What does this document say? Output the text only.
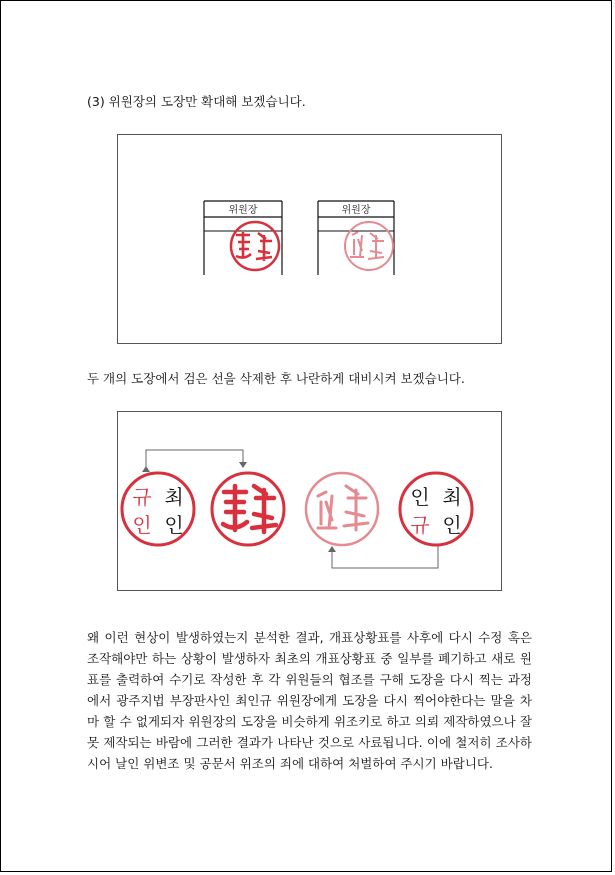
(3) 위원장의 도장만 확대해 보겠습니다.

위원장	위원장

두 개의 도장에서 검은 선을 삭제한 후 나란하게 대비시켜 보겠습니다.

규
인
최
인
인
규
최
인

왜 이런 현상이 발생하였는지 분석한 결과, 개표상황표를 사후에 다시 수정 혹은 조작해야만 하는 상황이 발생하자 최초의 개표상황표 중 일부를 폐기하고 새로 원표를 출력하여 수기로 작성한 후 각 위원들의 협조를 구해 도장을 다시 찍는 과정에서 광주지법 부장판사인 최인규 위원장에게 도장을 다시 찍어야한다는 말을 차마 할 수 없게되자 위원장의 도장을 비슷하게 위조키로 하고 의뢰 제작하였으나 잘못 제작되는 바람에 그러한 결과가 나타난 것으로 사료됩니다. 이에 철저히 조사하시어 날인 위변조 및 공문서 위조의 죄에 대하여 처벌하여 주시기 바랍니다.
